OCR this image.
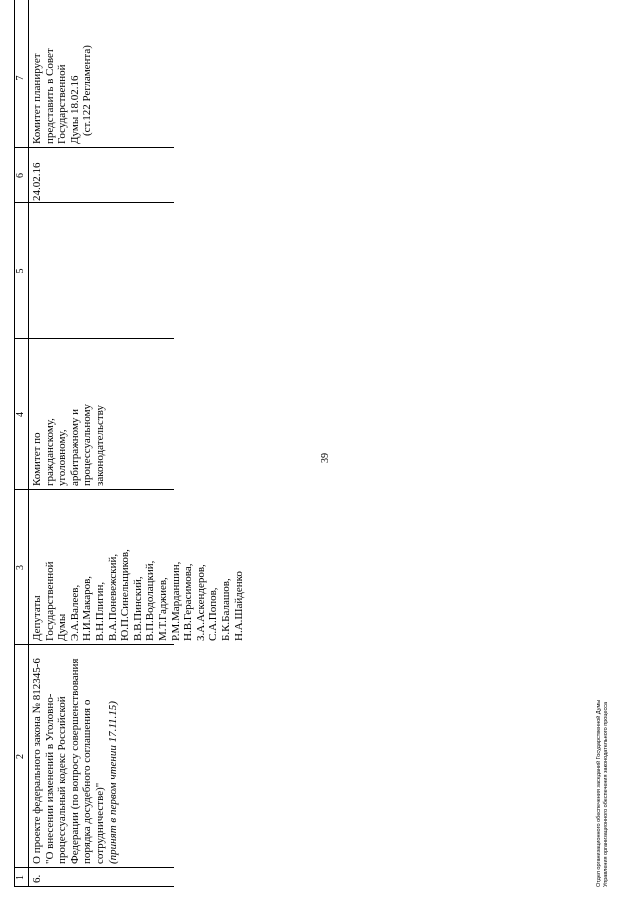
39
1
2
3
4
5
6
7
6.
О проекте федерального закона № 812345-6 "О внесении изменений в Уголовно- процессуальный кодекс Российской Федерации (по вопросу совершенствования порядка досудебного соглашения о сотрудничестве)" (принят в первом чтении 17.11.15)
Депутаты Государственной Думы Э.А.Валеев, Н.И.Макаров, В.Н.Плигин, В.А.Поневежский, Ю.П.Синельщиков, В.В.Пинский, В.П.Водолацкий, М.Т.Гаджиев, Р.М.Марданшин, Н.В.Герасимова, З.А.Аскендеров, С.А.Попов, Б.К.Балашов, Н.А.Шайденко
Комитет по гражданскому, уголовному, арбитражному и процессуальному законодательству
24.02.16
Комитет планирует представить в Совет Государственной Думы 18.02.16 (ст.122 Регламента)
Отдел организационного обеспечения заседаний Государственной Думы Управления организационного обеспечения законодательного процесса
